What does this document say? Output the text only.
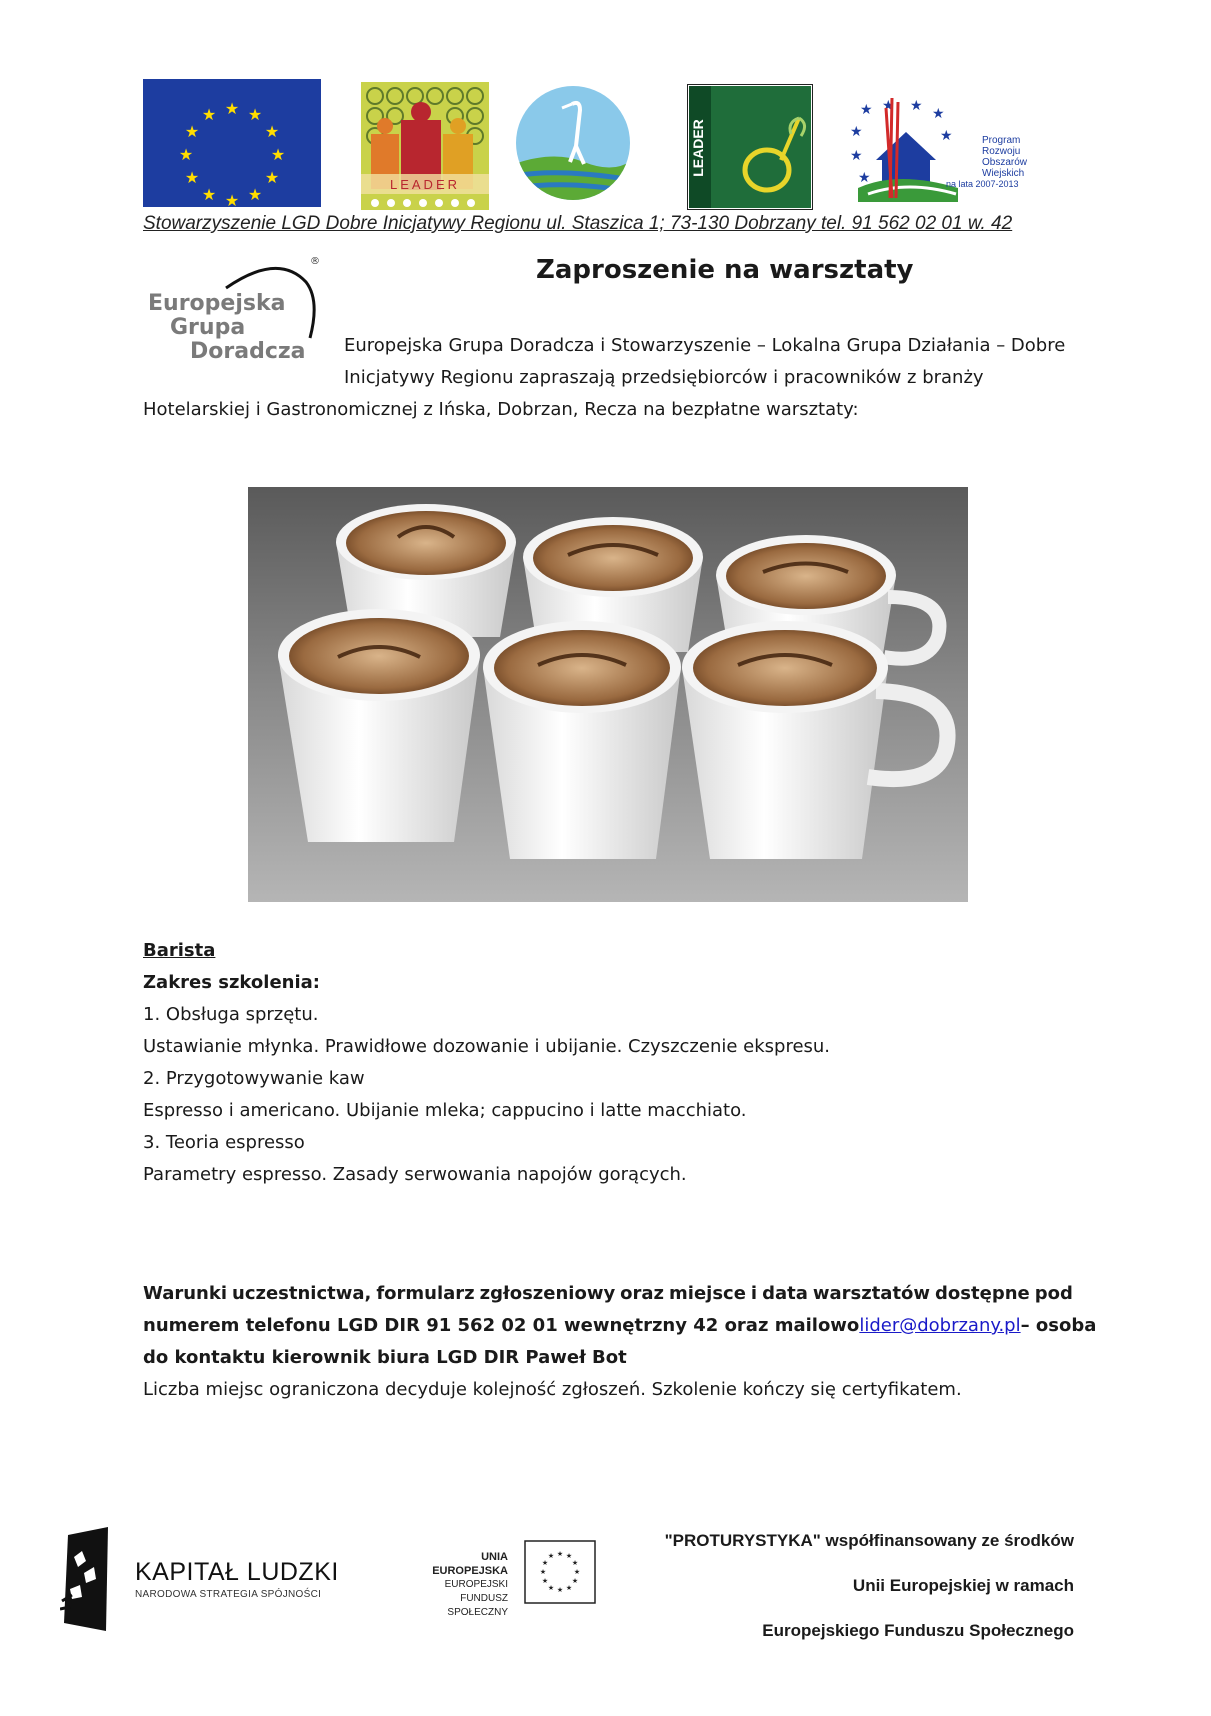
★ ★
★
★
★
★
★
★
★
★
★
★
LEADER
LEADER
★ ★ ★ ★
★	★
★
★
Program
Rozwoju
Obszarów
Wiejskich
na lata 2007-2013
Stowarzyszenie LGD Dobre Inicjatywy Regionu ul. Staszica 1; 73-130 Dobrzany tel. 91 562 02 01 w. 42
®
Europejska
Grupa
Doradcza
Zaproszenie na warsztaty
Europejska Grupa Doradcza i Stowarzyszenie – Lokalna Grupa Działania – Dobre
Inicjatywy Regionu zapraszają przedsiębiorców i pracowników z branży
Hotelarskiej i Gastronomicznej z Ińska, Dobrzan, Recza na bezpłatne warsztaty:
Barista
Zakres szkolenia:
1. Obsługa sprzętu.
Ustawianie młynka. Prawidłowe dozowanie i ubijanie. Czyszczenie ekspresu.
2. Przygotowywanie kaw
Espresso i americano. Ubijanie mleka; cappucino i latte macchiato.
3. Teoria espresso
Parametry espresso. Zasady serwowania napojów gorących.
Warunki uczestnictwa, formularz zgłoszeniowy oraz miejsce i data warsztatów dostępne pod
numerem telefonu LGD DIR 91 562 02 01 wewnętrzny 42 oraz mailowo lider@dobrzany.pl – osoba
do kontaktu kierownik biura LGD DIR Paweł Bot
Liczba miejsc ograniczona decyduje kolejność zgłoszeń. Szkolenie kończy się certyfikatem.
KAPITAŁ LUDZKI
NARODOWA STRATEGIA SPÓJNOŚCI
UNIA EUROPEJSKA
EUROPEJSKI
FUNDUSZ SPOŁECZNY
★ ★
★
★
★
★
★
★
★
★
★
★
"PROTURYSTYKA" współfinansowany ze środków
Unii Europejskiej w ramach
Europejskiego Funduszu Społecznego
